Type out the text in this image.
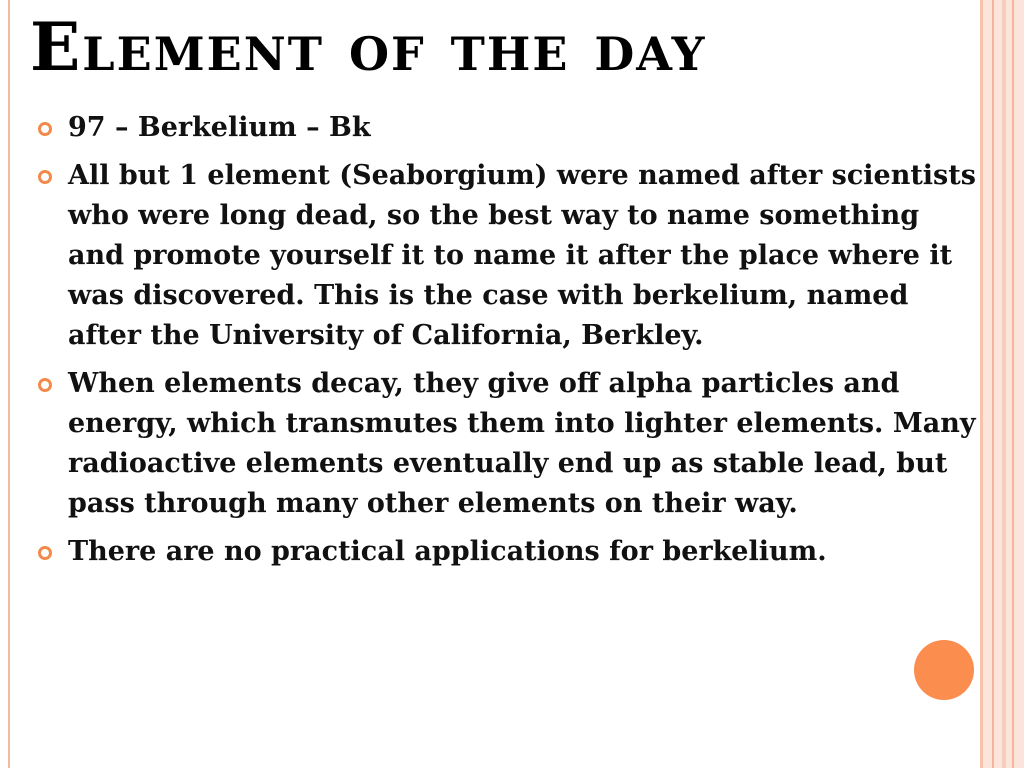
Element of the day
97 – Berkelium – Bk
All but 1 element (Seaborgium) were named after scientists who were long dead, so the best way to name something and promote yourself it to name it after the place where it was discovered. This is the case with berkelium, named after the University of California, Berkley.
When elements decay, they give off alpha particles and energy, which transmutes them into lighter elements. Many radioactive elements eventually end up as stable lead, but pass through many other elements on their way.
There are no practical applications for berkelium.
